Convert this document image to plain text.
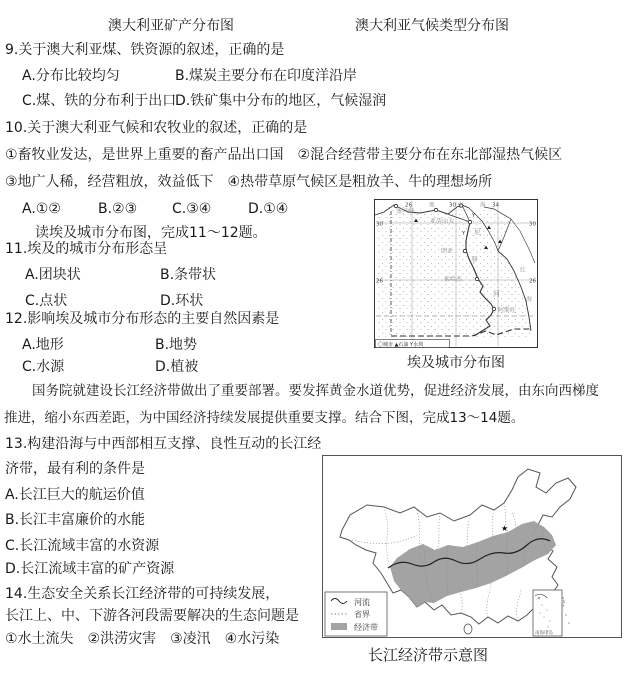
澳大利亚矿产分布图	澳大利亚气候类型分布图
9.关于澳大利亚煤、铁资源的叙述，正确的是
A.分布比较均匀	B.煤炭主要分布在印度洋沿岸
C.煤、铁的分布利于出口
D.铁矿集中分布的地区，气候湿润
10.关于澳大利亚气候和农牧业的叙述，正确的是
①畜牧业发达，是世界上重要的畜产品出口国　②混合经营带主要分布在东北部湿热气候区
③地广人稀，经营粗放，效益低下　④热带草原气候区是粗放羊、牛的理想场所
A.①②	B.②③ C.③④	D.①④
读埃及城市分布图，完成11～12题。
11.埃及的城市分布形态呈
A.团块状	B.条带状
C.点状	D.环状
12.影响埃及城市分布形态的主要自然因素是
A.地形	B.地势
C.水源	D.植被
Y
Y
26	地	30 中	海 34
30	30
26	26
塞卢姆
亚历山大
明亚
索哈杰
阿斯旺
尼
罗
河
红
海
〇城市 ▲石油 Y水坝
埃及城市分布图
国务院就建设长江经济带做出了重要部署。要发挥黄金水道优势，促进经济发展，由东向西梯度
推进，缩小东西差距，为中国经济持续发展提供重要支撑。结合下图，完成13～14题。
13.构建沿海与中西部相互支撑、良性互动的长江经
济带，最有利的条件是
A.长江巨大的航运价值
B.长江丰富廉价的水能
C.长江流域丰富的水资源
D.长江流域丰富的矿产资源
14.生态安全关系长江经济带的可持续发展，
长江上、中、下游各河段需要解决的生态问题是
①水土流失　②洪涝灾害　③凌汛　④水污染
★
河流
省界
经济带
南海诸岛
长江经济带示意图
